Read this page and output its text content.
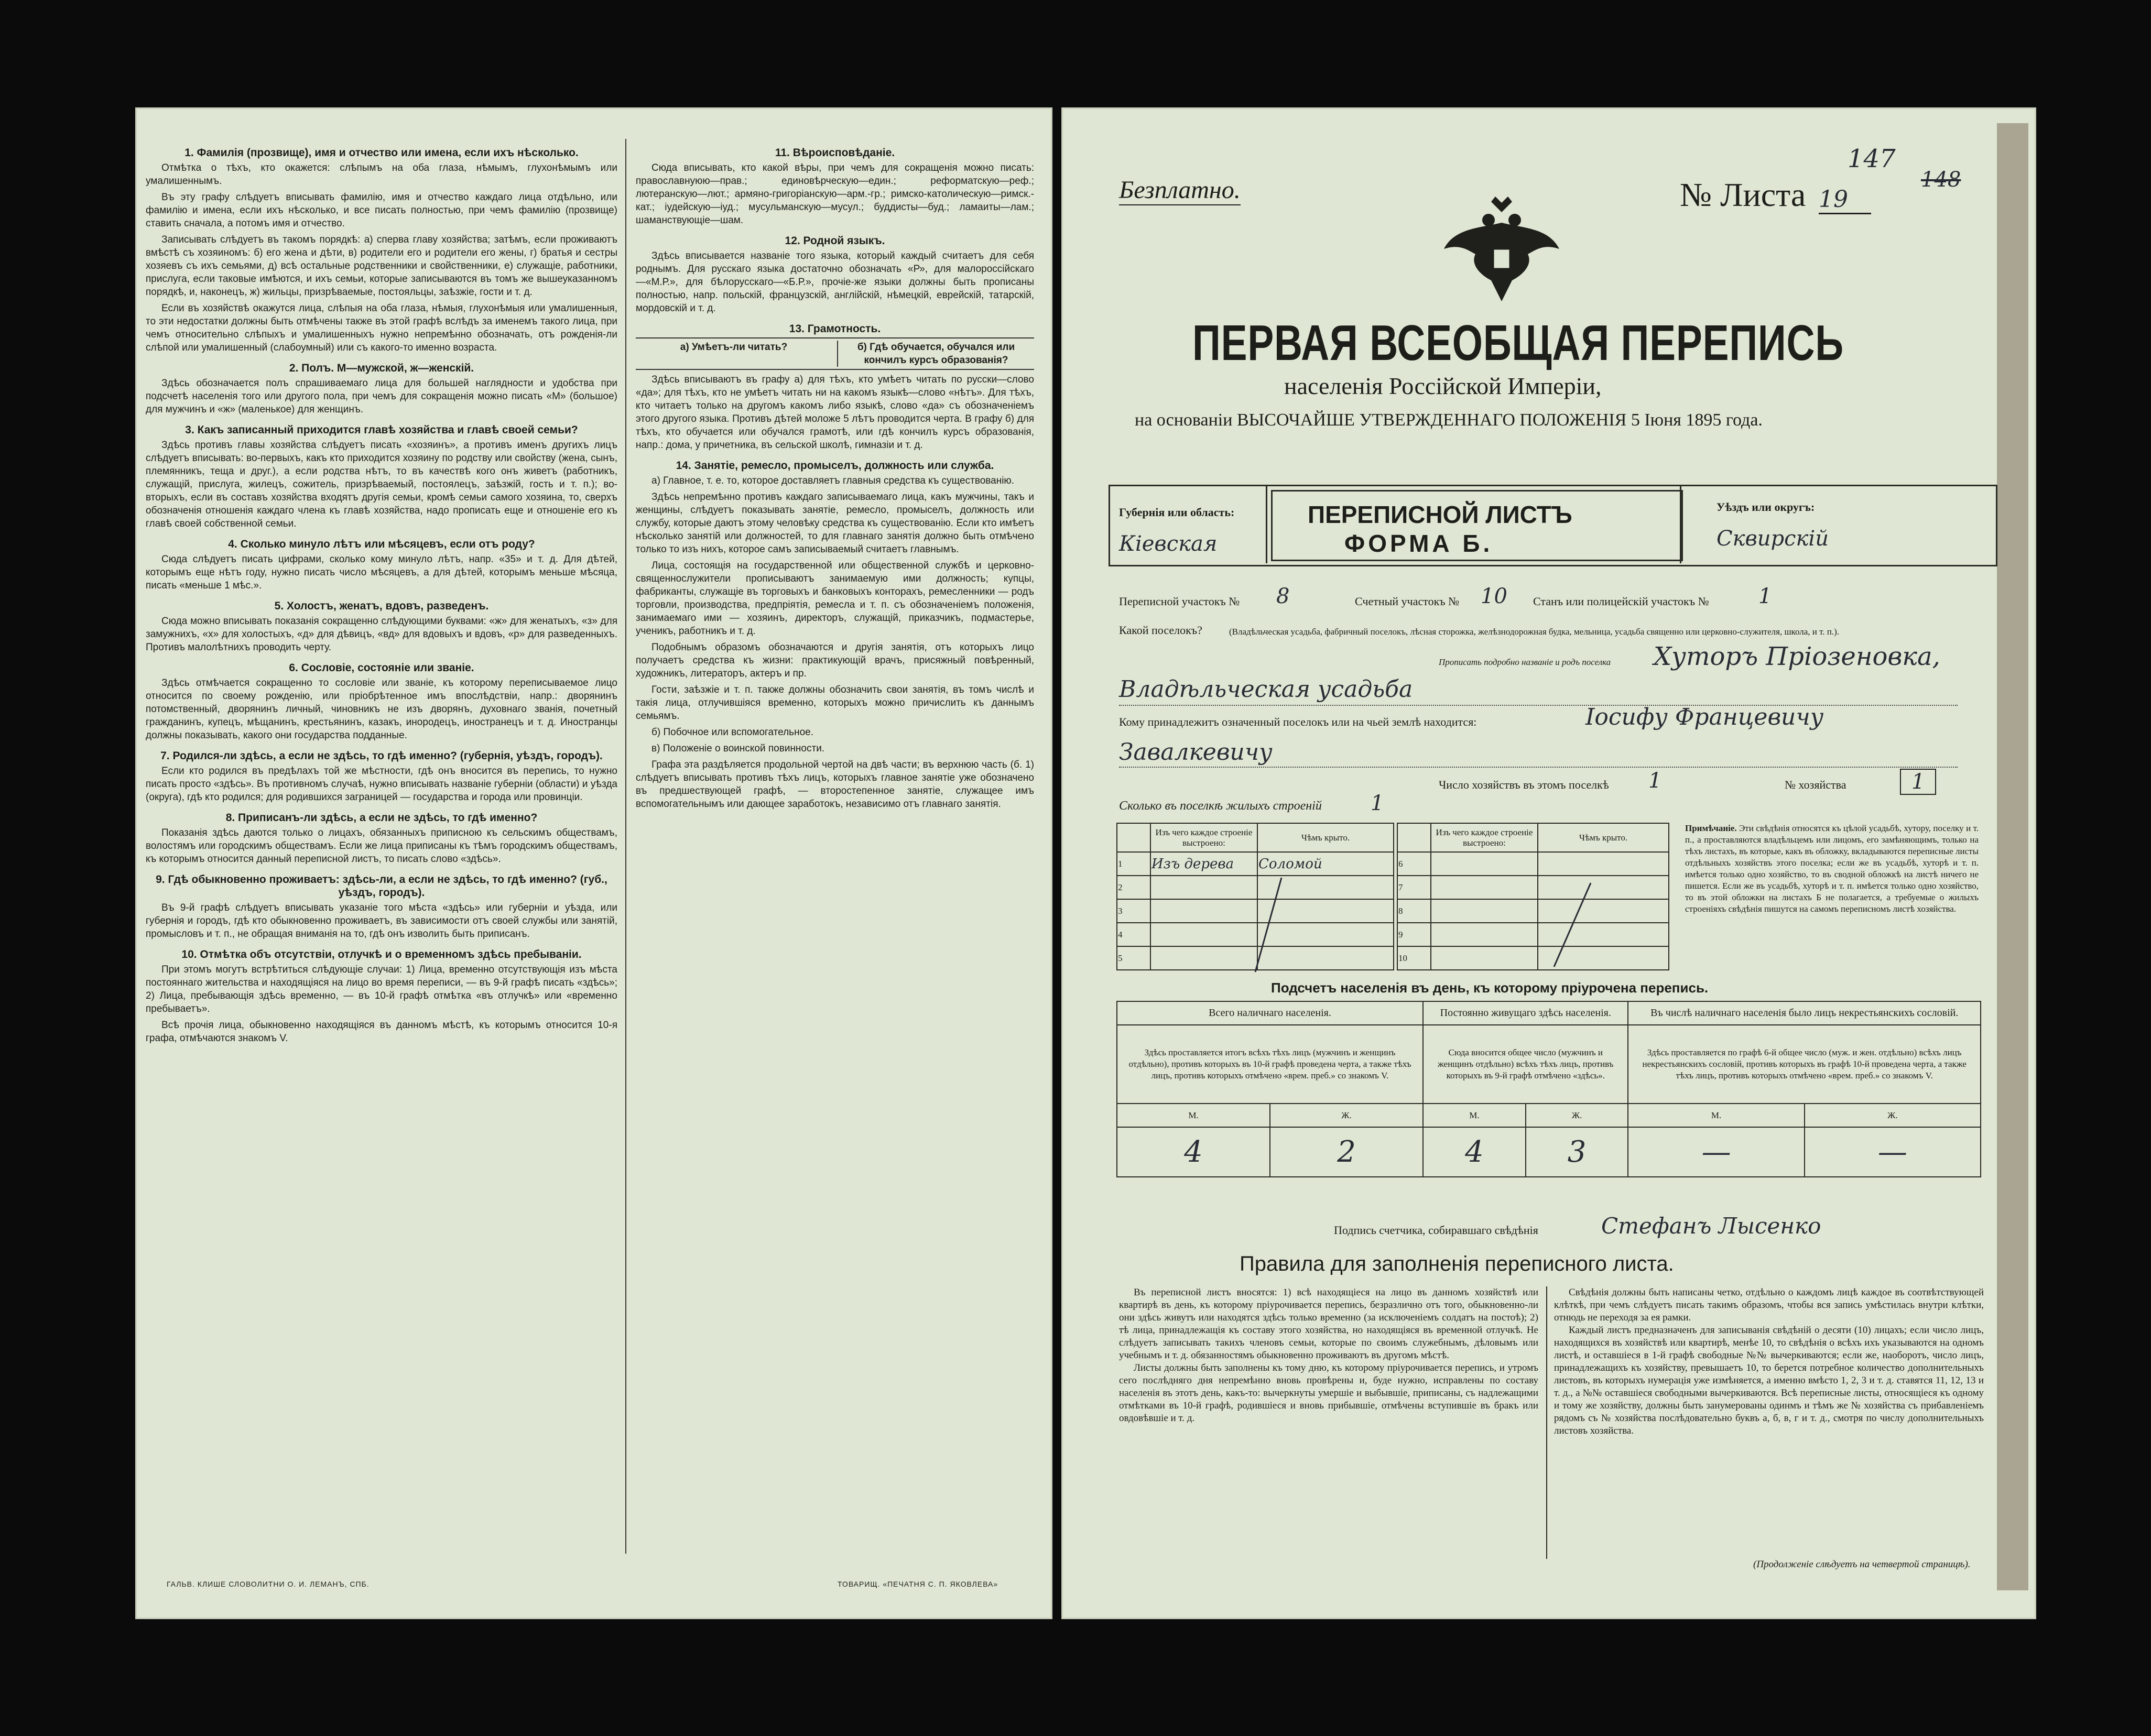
1. Фамилія (прозвище), имя и отчество или имена, если ихъ нѣсколько.

Отмѣтка о тѣхъ, кто окажется: слѣпымъ на оба глаза, нѣмымъ, глухонѣмымъ или умалишеннымъ.

Въ эту графу слѣдуетъ вписывать фамилію, имя и отчество каждаго лица отдѣльно, или фамилію и имена, если ихъ нѣсколько, и все писать полностью, при чемъ фамилію (прозвище) ставить сначала, а потомъ имя и отчество.

Записывать слѣдуетъ въ такомъ порядкѣ: а) сперва главу хозяйства; затѣмъ, если проживаютъ вмѣстѣ съ хозяиномъ: б) его жена и дѣти, в) родители его и родители его жены, г) братья и сестры хозяевъ съ ихъ семьями, д) всѣ остальные родственники и свойственники, е) служащіе, работники, прислуга, если таковые имѣются, и ихъ семьи, которые записываются въ томъ же вышеуказанномъ порядкѣ, и, наконецъ, ж) жильцы, призрѣваемые, постояльцы, заѣзжіе, гости и т. д.

Если въ хозяйствѣ окажутся лица, слѣпыя на оба глаза, нѣмыя, глухонѣмыя или умалишенныя, то эти недостатки должны быть отмѣчены также въ этой графѣ вслѣдъ за именемъ такого лица, при чемъ относительно слѣпыхъ и умалишенныхъ нужно непремѣнно обозначать, отъ рожденія-ли слѣпой или умалишенный (слабоумный) или съ какого-то именно возраста.

2. Полъ. М—мужской, ж—женскій.

Здѣсь обозначается полъ спрашиваемаго лица для большей наглядности и удобства при подсчетѣ населенія того или другого пола, при чемъ для сокращенія можно писать «М» (большое) для мужчинъ и «ж» (маленькое) для женщинъ.

3. Какъ записанный приходится главѣ хозяйства и главѣ своей семьи?

Здѣсь противъ главы хозяйства слѣдуетъ писать «хозяинъ», а противъ именъ другихъ лицъ слѣдуетъ вписывать: во-первыхъ, какъ кто приходится хозяину по родству или свойству (жена, сынъ, племянникъ, теща и друг.), а если родства нѣтъ, то въ качествѣ кого онъ живетъ (работникъ, служащій, прислуга, жилецъ, сожитель, призрѣваемый, постоялецъ, заѣзжій, гость и т. п.); во-вторыхъ, если въ составъ хозяйства входятъ другія семьи, кромѣ семьи самого хозяина, то, сверхъ обозначенія отношенія каждаго члена къ главѣ хозяйства, надо прописать еще и отношеніе его къ главѣ своей собственной семьи.

4. Сколько минуло лѣтъ или мѣсяцевъ, если отъ роду?

Сюда слѣдуетъ писать цифрами, сколько кому минуло лѣтъ, напр. «35» и т. д. Для дѣтей, которымъ еще нѣтъ году, нужно писать число мѣсяцевъ, а для дѣтей, которымъ меньше мѣсяца, писать «меньше 1 мѣс.».

5. Холостъ, женатъ, вдовъ, разведенъ.

Сюда можно вписывать показанія сокращенно слѣдующими буквами: «ж» для женатыхъ, «з» для замужнихъ, «х» для холостыхъ, «д» для дѣвицъ, «вд» для вдовыхъ и вдовъ, «р» для разведенныхъ. Противъ малолѣтнихъ проводить черту.

6. Сословіе, состояніе или званіе.

Здѣсь отмѣчается сокращенно то сословіе или званіе, къ которому переписываемое лицо относится по своему рожденію, или пріобрѣтенное имъ впослѣдствіи, напр.: дворянинъ потомственный, дворянинъ личный, чиновникъ не изъ дворянъ, духовнаго званія, почетный гражданинъ, купецъ, мѣщанинъ, крестьянинъ, казакъ, инородецъ, иностранецъ и т. д. Иностранцы должны показывать, какого они государства подданные.

7. Родился-ли здѣсь, а если не здѣсь, то гдѣ именно? (губернія, уѣздъ, городъ).

Если кто родился въ предѣлахъ той же мѣстности, гдѣ онъ вносится въ перепись, то нужно писать просто «здѣсь». Въ противномъ случаѣ, нужно вписывать названіе губерніи (области) и уѣзда (округа), гдѣ кто родился; для родившихся заграницей — государства и города или провинціи.

8. Приписанъ-ли здѣсь, а если не здѣсь, то гдѣ именно?

Показанія здѣсь даются только о лицахъ, обязанныхъ приписною къ сельскимъ обществамъ, волостямъ или городскимъ обществамъ. Если же лица приписаны къ тѣмъ городскимъ обществамъ, къ которымъ относится данный переписной листъ, то писать слово «здѣсь».

9. Гдѣ обыкновенно проживаетъ: здѣсь-ли, а если не здѣсь, то гдѣ именно? (губ., уѣздъ, городъ).

Въ 9-й графѣ слѣдуетъ вписывать указаніе того мѣста «здѣсь» или губерніи и уѣзда, или губернія и городъ, гдѣ кто обыкновенно проживаетъ, въ зависимости отъ своей службы или занятій, промысловъ и т. п., не обращая вниманія на то, гдѣ онъ изволить быть приписанъ.

10. Отмѣтка объ отсутствіи, отлучкѣ и о временномъ здѣсь пребываніи.

При этомъ могутъ встрѣтиться слѣдующіе случаи: 1) Лица, временно отсутствующія изъ мѣста постояннаго жительства и находящіяся на лицо во время переписи, — въ 9-й графѣ писать «здѣсь»; 2) Лица, пребывающія здѣсь временно, — въ 10-й графѣ отмѣтка «въ отлучкѣ» или «временно пребываетъ».

Всѣ прочія лица, обыкновенно находящіяся въ данномъ мѣстѣ, къ которымъ относится 10-я графа, отмѣчаются знакомъ V.

11. Вѣроисповѣданіе.

Сюда вписывать, кто какой вѣры, при чемъ для сокращенія можно писать: православнуюю—прав.; единовѣрческую—един.; реформатскую—реф.; лютеранскую—лют.; армяно-григоріанскую—арм.-гр.; римско-католическую—римск.-кат.; іудейскую—іуд.; мусульманскую—мусул.; буддисты—буд.; ламаиты—лам.; шаманствующіе—шам.

12. Родной языкъ.

Здѣсь вписывается названіе того языка, который каждый считаетъ для себя роднымъ. Для русскаго языка достаточно обозначать «Р», для малороссійскаго—«М.Р.», для бѣлорусскаго—«Б.Р.», прочіе-же языки должны быть прописаны полностью, напр. польскій, французскій, англійскій, нѣмецкій, еврейскій, татарскій, мордовскій и т. д.

13. Грамотность.
а) Умѣетъ-ли читать?	б) Гдѣ обучается, обучался или кончилъ курсъ образованія?

Здѣсь вписываютъ въ графу а) для тѣхъ, кто умѣетъ читать по русски—слово «да»; для тѣхъ, кто не умѣетъ читать ни на какомъ языкѣ—слово «нѣтъ». Для тѣхъ, кто читаетъ только на другомъ какомъ либо языкѣ, слово «да» съ обозначеніемъ этого другого языка. Противъ дѣтей моложе 5 лѣтъ проводится черта. В графу б) для тѣхъ, кто обучается или обучался грамотѣ, или гдѣ кончилъ курсъ образованія, напр.: дома, у причетника, въ сельской школѣ, гимназіи и т. д.

14. Занятіе, ремесло, промыселъ, должность или служба.

а) Главное, т. е. то, которое доставляетъ главныя средства къ существованію.

Здѣсь непремѣнно противъ каждаго записываемаго лица, какъ мужчины, такъ и женщины, слѣдуетъ показывать занятіе, ремесло, промыселъ, должность или службу, которые даютъ этому человѣку средства къ существованію. Если кто имѣетъ нѣсколько занятій или должностей, то для главнаго занятія должно быть отмѣчено только то изъ нихъ, которое самъ записываемый считаетъ главнымъ.

Лица, состоящія на государственной или общественной службѣ и церковно-священнослужители прописываютъ занимаемую ими должность; купцы, фабриканты, служащіе въ торговыхъ и банковыхъ конторахъ, ремесленники — родъ торговли, производства, предпріятія, ремесла и т. п. съ обозначеніемъ положенія, занимаемаго ими — хозяинъ, директоръ, служащій, приказчикъ, подмастерье, ученикъ, работникъ и т. д.

Подобнымъ образомъ обозначаются и другія занятія, отъ которыхъ лицо получаетъ средства къ жизни: практикующій врачъ, присяжный повѣренный, художникъ, литераторъ, актеръ и пр.

Гости, заѣзжіе и т. п. также должны обозначить свои занятія, въ томъ числѣ и такія лица, отлучившіяся временно, которыхъ можно причислить къ даннымъ семьямъ.

б) Побочное или вспомогательное.

в) Положеніе о воинской повинности.

Графа эта раздѣляется продольной чертой на двѣ части; въ верхнюю часть (б. 1) слѣдуетъ вписывать противъ тѣхъ лицъ, которыхъ главное занятіе уже обозначено въ предшествующей графѣ, — второстепенное занятіе, служащее имъ вспомогательнымъ или дающее заработокъ, независимо отъ главнаго занятія.

ГАЛЬВ. КЛИШЕ СЛОВОЛИТНИ О. И. ЛЕМАНЪ, СПБ.	ТОВАРИЩ. «ПЕЧАТНЯ С. П. ЯКОВЛЕВА»
Безплатно.	№ Листа 19
147
148
ПЕРВАЯ ВСЕОБЩАЯ ПЕРЕПИСЬ
населенія Россійской Имперіи,
на основаніи ВЫСОЧАЙШЕ УТВЕРЖДЕННАГО ПОЛОЖЕНІЯ 5 Іюня 1895 года.
Губернія или область:
Кіевская
ПЕРЕПИСНОЙ ЛИСТЪ
ФОРМА Б.
Уѣздъ или округъ:
Сквирскій
Переписной участокъ № 8	Счетный участокъ № 10 Станъ или полицейскій участокъ № 1
Какой поселокъ?	(Владѣльческая усадьба, фабричный поселокъ, лѣсная сторожка, желѣзнодорожная будка, мельница, усадьба священно или церковно-служителя, школа, и т. п.).
Прописать подробно названіе и родъ поселка Хуторъ Пріозеновка,
Владѣльческая усадьба
Кому принадлежитъ означенный поселокъ или на чьей землѣ находится:	Іосифу Францевичу
Завалкевичу
Число хозяйствъ въ этомъ поселкѣ 1	№ хозяйства	1
Сколько въ поселкѣ жилыхъ строеній 1
	Изъ чего каждое строеніе выстроено:	Чѣмъ крыто.
1	Изъ дерева	Соломой
2		
3		
4		
5		
	Изъ чего каждое строеніе выстроено:	Чѣмъ крыто.
6		
7		
8		
9		
10		
Примѣчаніе. Эти свѣдѣнія относятся къ цѣлой усадьбѣ, хутору, поселку и т. п., а проставляются владѣльцемъ или лицомъ, его замѣняющимъ, только на тѣхъ листахъ, въ которые, какъ въ обложку, вкладываются переписные листы отдѣльныхъ хозяйствъ этого поселка; если же въ усадьбѣ, хуторѣ и т. п. имѣется только одно хозяйство, то въ сводной обложкѣ на листѣ ничего не пишется. Если же въ усадьбѣ, хуторѣ и т. п. имѣется только одно хозяйство, то въ этой обложки на листахъ Б не полагается, а требуемые о жилыхъ строеніяхъ свѣдѣнія пишутся на самомъ переписномъ листѣ хозяйства.
Подсчетъ населенія въ день, къ которому пріурочена перепись.
Всего наличнаго населенія.		Постоянно живущаго здѣсь населенія.		Въ числѣ наличнаго населенія было лицъ некрестьянскихъ сословій.	
Здѣсь проставляется итогъ всѣхъ тѣхъ лицъ (мужчинъ и женщинъ отдѣльно), противъ которыхъ въ 10-й графѣ проведена черта, а также тѣхъ лицъ, противъ которыхъ отмѣчено «врем. преб.» со знакомъ V.		Сюда вносится общее число (мужчинъ и женщинъ отдѣльно) всѣхъ тѣхъ лицъ, противъ которыхъ въ 9-й графѣ отмѣчено «здѣсь».		Здѣсь проставляется по графѣ 6-й общее число (муж. и жен. отдѣльно) всѣхъ лицъ некрестьянскихъ сословій, противъ которыхъ въ графѣ 10-й проведена черта, а также тѣхъ лицъ, противъ которыхъ отмѣчено «врем. преб.» со знакомъ V.	
М.	Ж.	М.	Ж.	М.	Ж.
4	2	4	3	—	—
Подпись счетчика, собиравшаго свѣдѣнія	Стефанъ Лысенко
Правила для заполненія переписного листа.

Въ переписной листъ вносятся: 1) всѣ находящіеся на лицо въ данномъ хозяйствѣ или квартирѣ въ день, къ которому пріурочивается перепись, безразлично отъ того, обыкновенно-ли они здѣсь живутъ или находятся здѣсь только временно (за исключеніемъ солдатъ на постоѣ); 2) тѣ лица, принадлежащія къ составу этого хозяйства, но находящіяся въ временной отлучкѣ. Не слѣдуетъ записывать такихъ членовъ семьи, которые по своимъ служебнымъ, дѣловымъ или учебнымъ и т. д. обязанностямъ обыкновенно проживаютъ въ другомъ мѣстѣ.

Листы должны быть заполнены къ тому дню, къ которому пріурочивается перепись, и утромъ сего послѣдняго дня непремѣнно вновь провѣрены и, буде нужно, исправлены по составу населенія въ этотъ день, какъ-то: вычеркнуты умершіе и выбывшіе, приписаны, съ надлежащими отмѣтками въ 10-й графѣ, родившіеся и вновь прибывшіе, отмѣчены вступившіе въ бракъ или овдовѣвшіе и т. д.

Свѣдѣнія должны быть написаны четко, отдѣльно о каждомъ лицѣ каждое въ соотвѣтствующей клѣткѣ, при чемъ слѣдуетъ писать такимъ образомъ, чтобы вся запись умѣстилась внутри клѣтки, отнюдь не переходя за ея рамки.

Каждый листъ предназначенъ для записыванія свѣдѣній о десяти (10) лицахъ; если число лицъ, находящихся въ хозяйствѣ или квартирѣ, менѣе 10, то свѣдѣнія о всѣхъ ихъ указываются на одномъ листѣ, и оставшіеся в 1-й графѣ свободные №№ вычеркиваются; если же, наоборотъ, число лицъ, принадлежащихъ къ хозяйству, превышаетъ 10, то берется потребное количество дополнительныхъ листовъ, въ которыхъ нумерація уже измѣняется, а именно вмѣсто 1, 2, 3 и т. д. ставятся 11, 12, 13 и т. д., а №№ оставшіеся свободными вычеркиваются. Всѣ переписные листы, относящіеся къ одному и тому же хозяйству, должны быть занумерованы одинмъ и тѣмъ же № хозяйства съ прибавленіемъ рядомъ съ № хозяйства послѣдовательно буквъ а, б, в, г и т. д., смотря по числу дополнительныхъ листовъ хозяйства.

(Продолженіе слѣдуетъ на четвертой страницѣ).
